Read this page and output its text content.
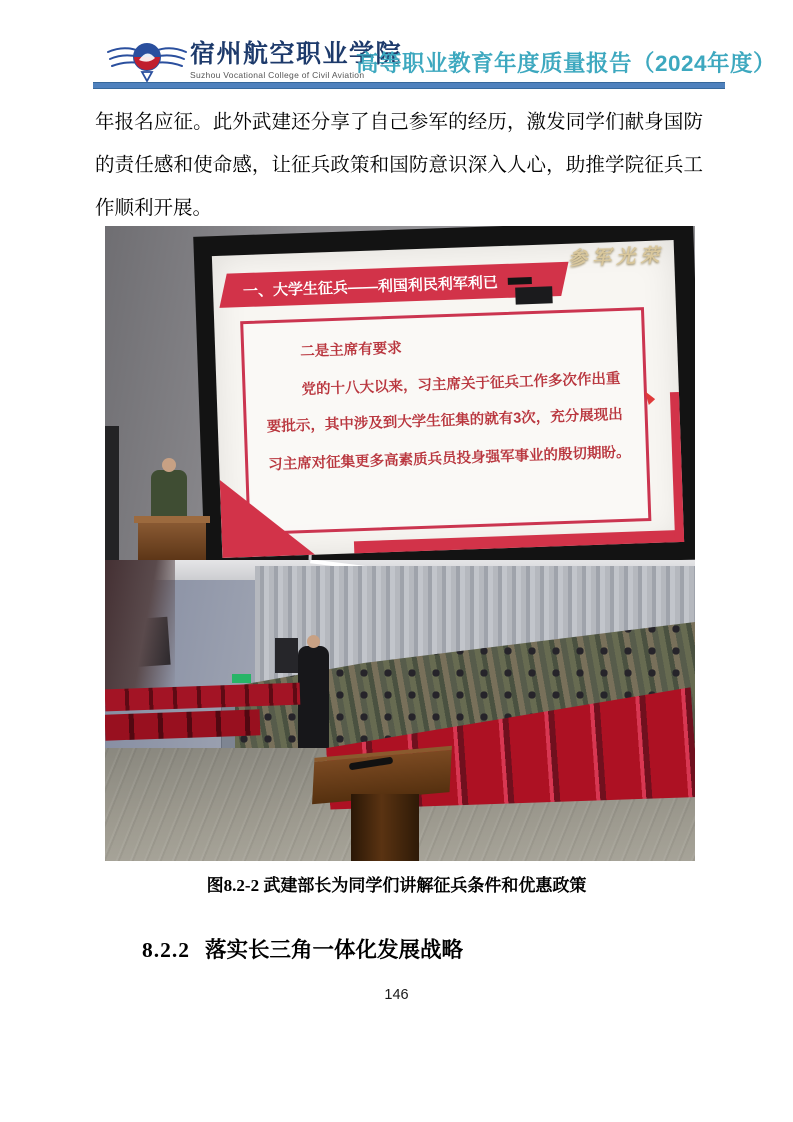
宿州航空职业学院
Suzhou Vocational College of Civil Aviation
高等职业教育年度质量报告（2024年度）

年报名应征。此外武建还分享了自己参军的经历，激发同学们献身国防的责任感和使命感，让征兵政策和国防意识深入人心，助推学院征兵工作顺利开展。

一、大学生征兵——利国利民利军利已
参军光荣
二是主席有要求
党的十八大以来，习主席关于征兵工作多次作出重
要批示，其中涉及到大学生征集的就有3次，充分展现出
习主席对征集更多高素质兵员投身强军事业的殷切期盼。
图8.2-2 武建部长为同学们讲解征兵条件和优惠政策
8.2.2 落实长三角一体化发展战略
146
